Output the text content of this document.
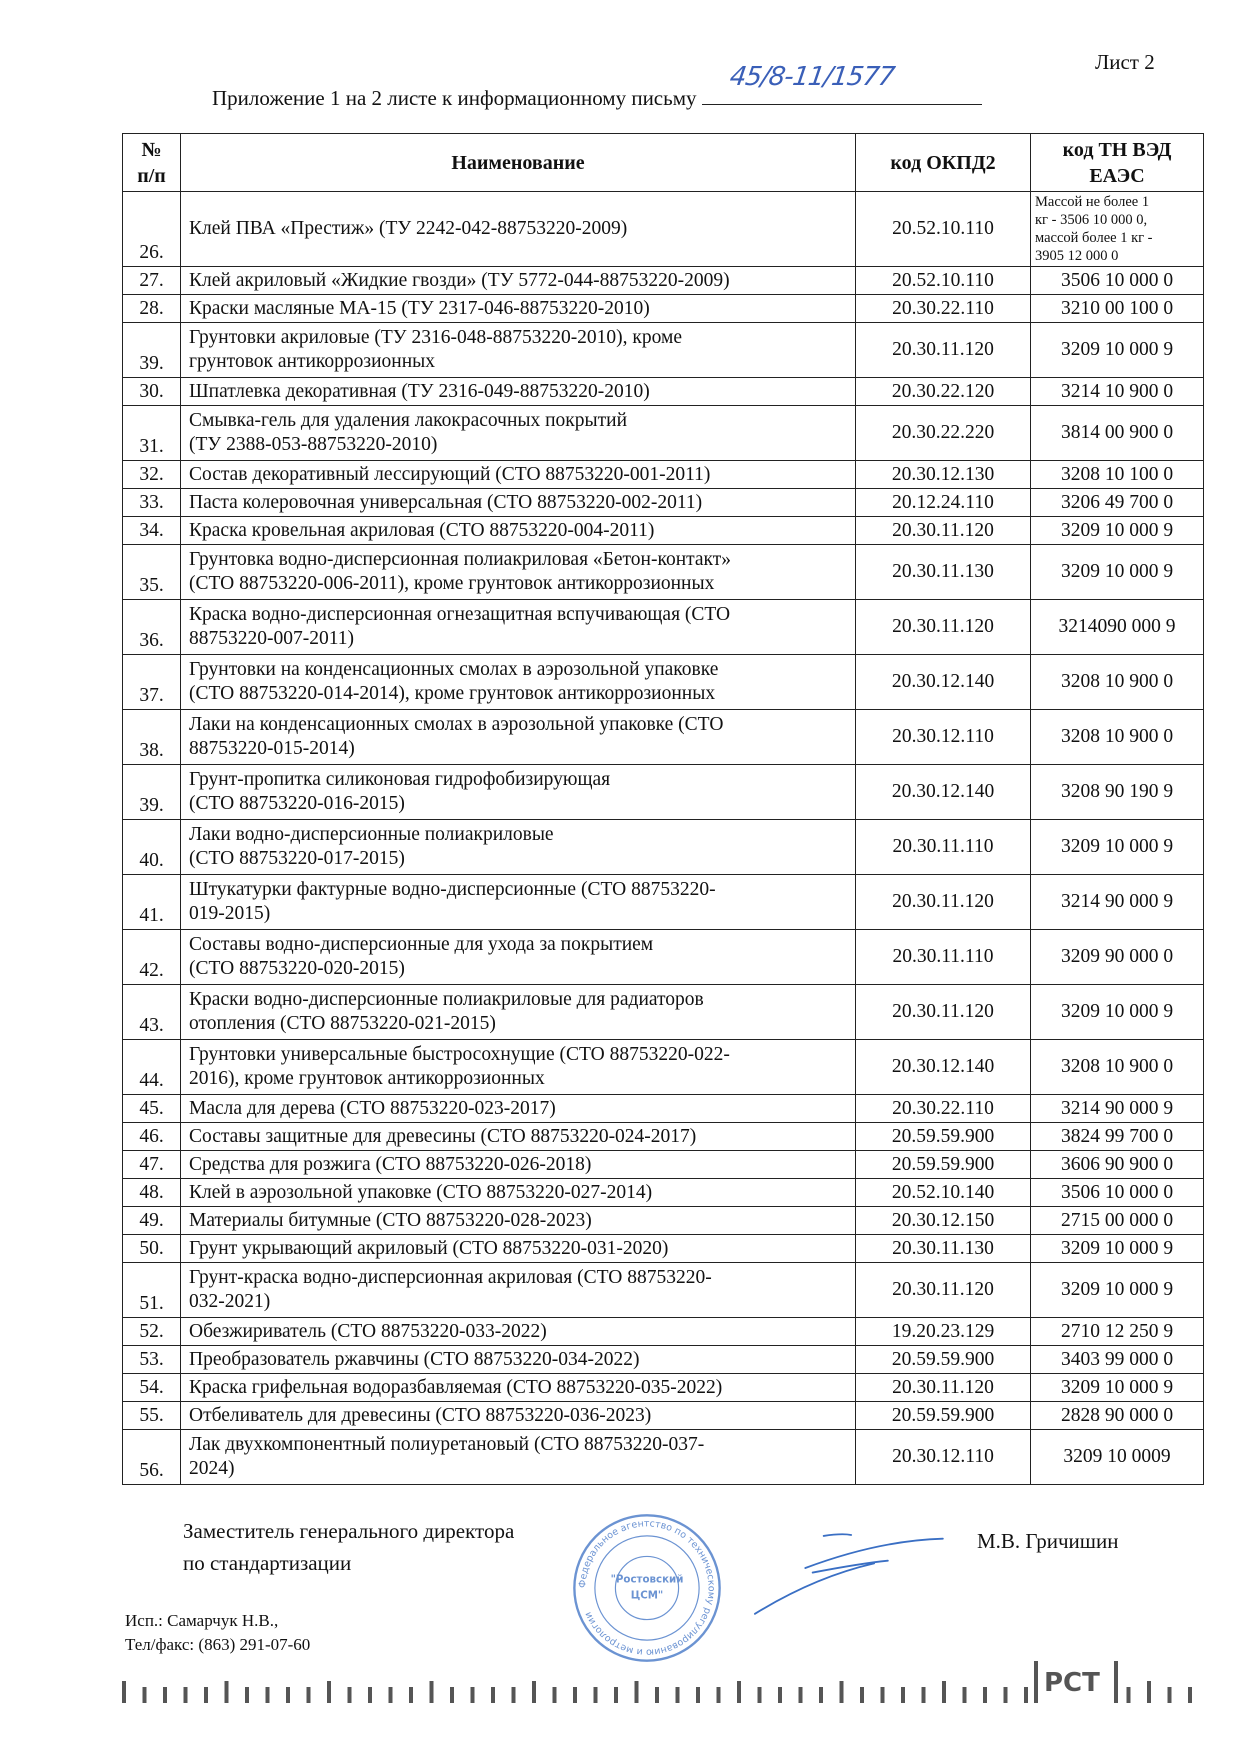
Лист 2
Приложение 1 на 2 листе к информационному письму
45/8-11/1577
№
п/п	Наименование	код ОКПД2	код ТН ВЭД
ЕАЭС
26.	Клей ПВА «Престиж» (ТУ 2242-042-88753220-2009)	20.52.10.110	Массой не более 1
кг - 3506 10 000 0,
массой более 1 кг -
3905 12 000 0
27.	Клей акриловый «Жидкие гвозди» (ТУ 5772-044-88753220-2009)	20.52.10.110	3506 10 000 0
28.	Краски масляные МА-15 (ТУ 2317-046-88753220-2010)	20.30.22.110	3210 00 100 0
39.	Грунтовки акриловые (ТУ 2316-048-88753220-2010), кроме
грунтовок антикоррозионных	20.30.11.120	3209 10 000 9
30.	Шпатлевка декоративная (ТУ 2316-049-88753220-2010)	20.30.22.120	3214 10 900 0
31.	Смывка-гель для удаления лакокрасочных покрытий
(ТУ 2388-053-88753220-2010)	20.30.22.220	3814 00 900 0
32.	Состав декоративный лессирующий (СТО 88753220-001-2011)	20.30.12.130	3208 10 100 0
33.	Паста колеровочная универсальная (СТО 88753220-002-2011)	20.12.24.110	3206 49 700 0
34.	Краска кровельная акриловая (СТО 88753220-004-2011)	20.30.11.120	3209 10 000 9
35.	Грунтовка водно-дисперсионная полиакриловая «Бетон-контакт»
(СТО 88753220-006-2011), кроме грунтовок антикоррозионных	20.30.11.130	3209 10 000 9
36.	Краска водно-дисперсионная огнезащитная вспучивающая (СТО
88753220-007-2011)	20.30.11.120	3214090 000 9
37.	Грунтовки на конденсационных смолах в аэрозольной упаковке
(СТО 88753220-014-2014), кроме грунтовок антикоррозионных	20.30.12.140	3208 10 900 0
38.	Лаки на конденсационных смолах в аэрозольной упаковке (СТО
88753220-015-2014)	20.30.12.110	3208 10 900 0
39.	Грунт-пропитка силиконовая гидрофобизирующая
(СТО 88753220-016-2015)	20.30.12.140	3208 90 190 9
40.	Лаки водно-дисперсионные полиакриловые
(СТО 88753220-017-2015)	20.30.11.110	3209 10 000 9
41.	Штукатурки фактурные водно-дисперсионные (СТО 88753220-
019-2015)	20.30.11.120	3214 90 000 9
42.	Составы водно-дисперсионные для ухода за покрытием
(СТО 88753220-020-2015)	20.30.11.110	3209 90 000 0
43.	Краски водно-дисперсионные полиакриловые для радиаторов
отопления (СТО 88753220-021-2015)	20.30.11.120	3209 10 000 9
44.	Грунтовки универсальные быстросохнущие (СТО 88753220-022-
2016), кроме грунтовок антикоррозионных	20.30.12.140	3208 10 900 0
45.	Масла для дерева (СТО 88753220-023-2017)	20.30.22.110	3214 90 000 9
46.	Составы защитные для древесины (СТО 88753220-024-2017)	20.59.59.900	3824 99 700 0
47.	Средства для розжига (СТО 88753220-026-2018)	20.59.59.900	3606 90 900 0
48.	Клей в аэрозольной упаковке (СТО 88753220-027-2014)	20.52.10.140	3506 10 000 0
49.	Материалы битумные (СТО 88753220-028-2023)	20.30.12.150	2715 00 000 0
50.	Грунт укрывающий акриловый (СТО 88753220-031-2020)	20.30.11.130	3209 10 000 9
51.	Грунт-краска водно-дисперсионная акриловая (СТО 88753220-
032-2021)	20.30.11.120	3209 10 000 9
52.	Обезжириватель (СТО 88753220-033-2022)	19.20.23.129	2710 12 250 9
53.	Преобразователь ржавчины (СТО 88753220-034-2022)	20.59.59.900	3403 99 000 0
54.	Краска грифельная водоразбавляемая (СТО 88753220-035-2022)	20.30.11.120	3209 10 000 9
55.	Отбеливатель для древесины (СТО 88753220-036-2023)	20.59.59.900	2828 90 000 0
56.	Лак двухкомпонентный полиуретановый (СТО 88753220-037-
2024)	20.30.12.110	3209 10 0009
Заместитель генерального директора
по стандартизации
М.В. Гричишин
Исп.: Самарчук Н.В.,
Тел/факс: (863) 291-07-60
Федеральное агентство по техническому регулированию и метрологии
"Ростовский
ЦСМ"
РСТ
